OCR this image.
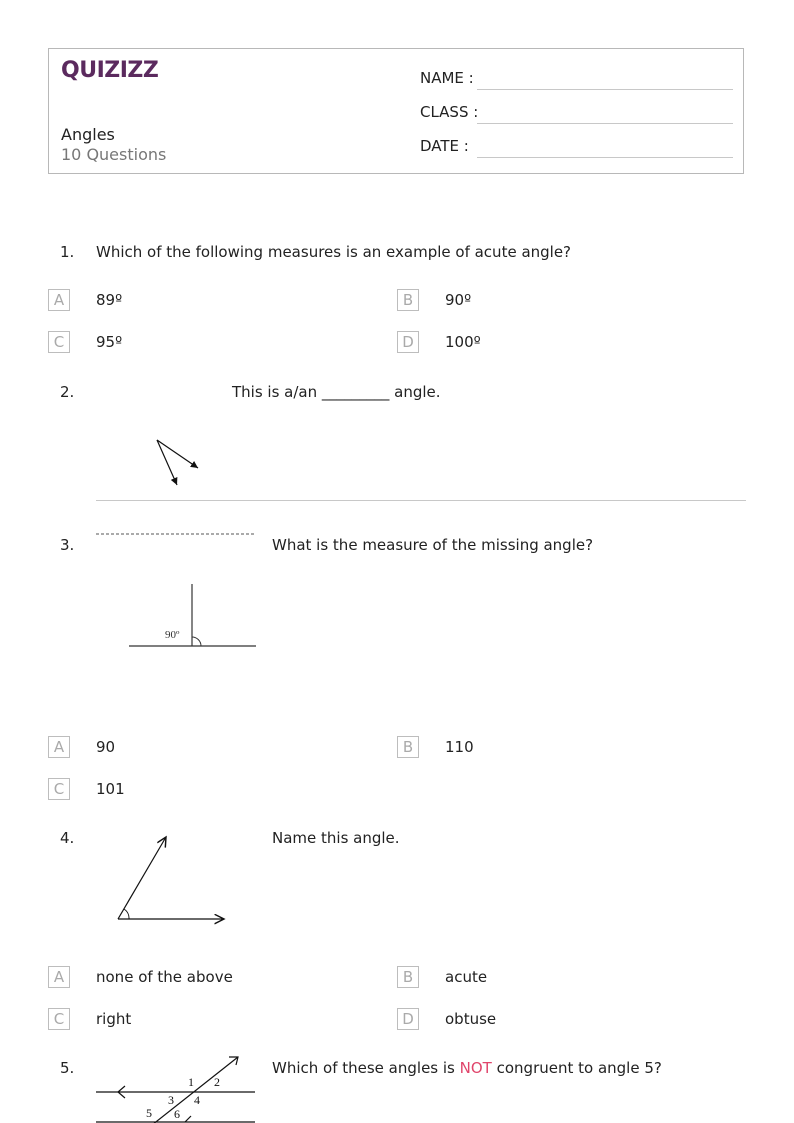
QUIZIZZ
Angles
10 Questions
NAME :
CLASS :
DATE :
1. Which of the following measures is an example of acute angle?
A	89º	B	90º
C	95º	D	100º
2.	This is a/an _________ angle.
3.	What is the measure of the missing angle?
90º
A	90	B	110
C	101
4.	Name this angle.
A	none of the above	B	acute
C	right	D	obtuse
5.	Which of these angles is NOT congruent to angle 5?
1 2
3 4
5 6
